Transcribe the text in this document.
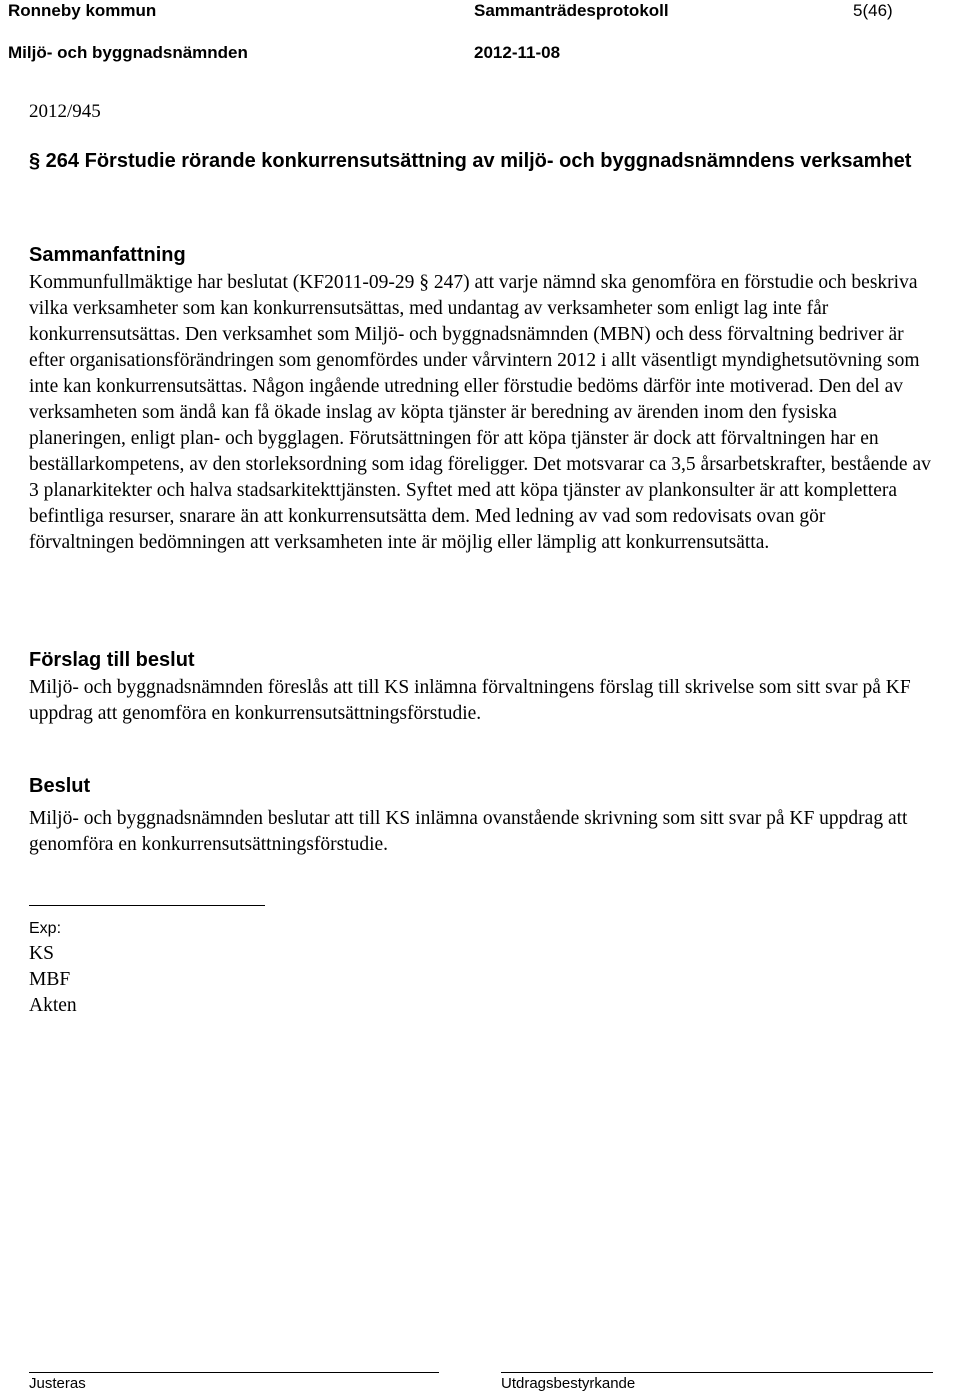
Ronneby kommun	Sammanträdesprotokoll	5(46)
Miljö- och byggnadsnämnden	2012-11-08
2012/945
§ 264 Förstudie rörande konkurrensutsättning av miljö- och byggnadsnämndens verksamhet
Sammanfattning

Kommunfullmäktige har beslutat (KF2011-09-29 § 247) att varje nämnd ska genomföra en förstudie och beskriva vilka verksamheter som kan konkurrensutsättas, med undantag av verksamheter som enligt lag inte får konkurrensutsättas. Den verksamhet som Miljö- och byggnadsnämnden (MBN) och dess förvaltning bedriver är efter organisationsförändringen som genomfördes under vårvintern 2012 i allt väsentligt myndighetsutövning som inte kan konkurrensutsättas. Någon ingående utredning eller förstudie bedöms därför inte motiverad. Den del av verksamheten som ändå kan få ökade inslag av köpta tjänster är beredning av ärenden inom den fysiska planeringen, enligt plan- och bygglagen. Förutsättningen för att köpa tjänster är dock att förvaltningen har en beställarkompetens, av den storleksordning som idag föreligger. Det motsvarar ca 3,5 årsarbetskrafter, bestående av 3 planarkitekter och halva stadsarkitekttjänsten. Syftet med att köpa tjänster av plankonsulter är att komplettera befintliga resurser, snarare än att konkurrensutsätta dem. Med ledning av vad som redovisats ovan gör förvaltningen bedömningen att verksamheten inte är möjlig eller lämplig att konkurrensutsätta.

Förslag till beslut

Miljö- och byggnadsnämnden föreslås att till KS inlämna förvaltningens förslag till skrivelse som sitt svar på KF uppdrag att genomföra en konkurrensutsättningsförstudie.

Beslut

Miljö- och byggnadsnämnden beslutar att till KS inlämna ovanstående skrivning som sitt svar på KF uppdrag att genomföra en konkurrensutsättningsförstudie.

Exp:
KS
MBF
Akten
Justeras	Utdragsbestyrkande
